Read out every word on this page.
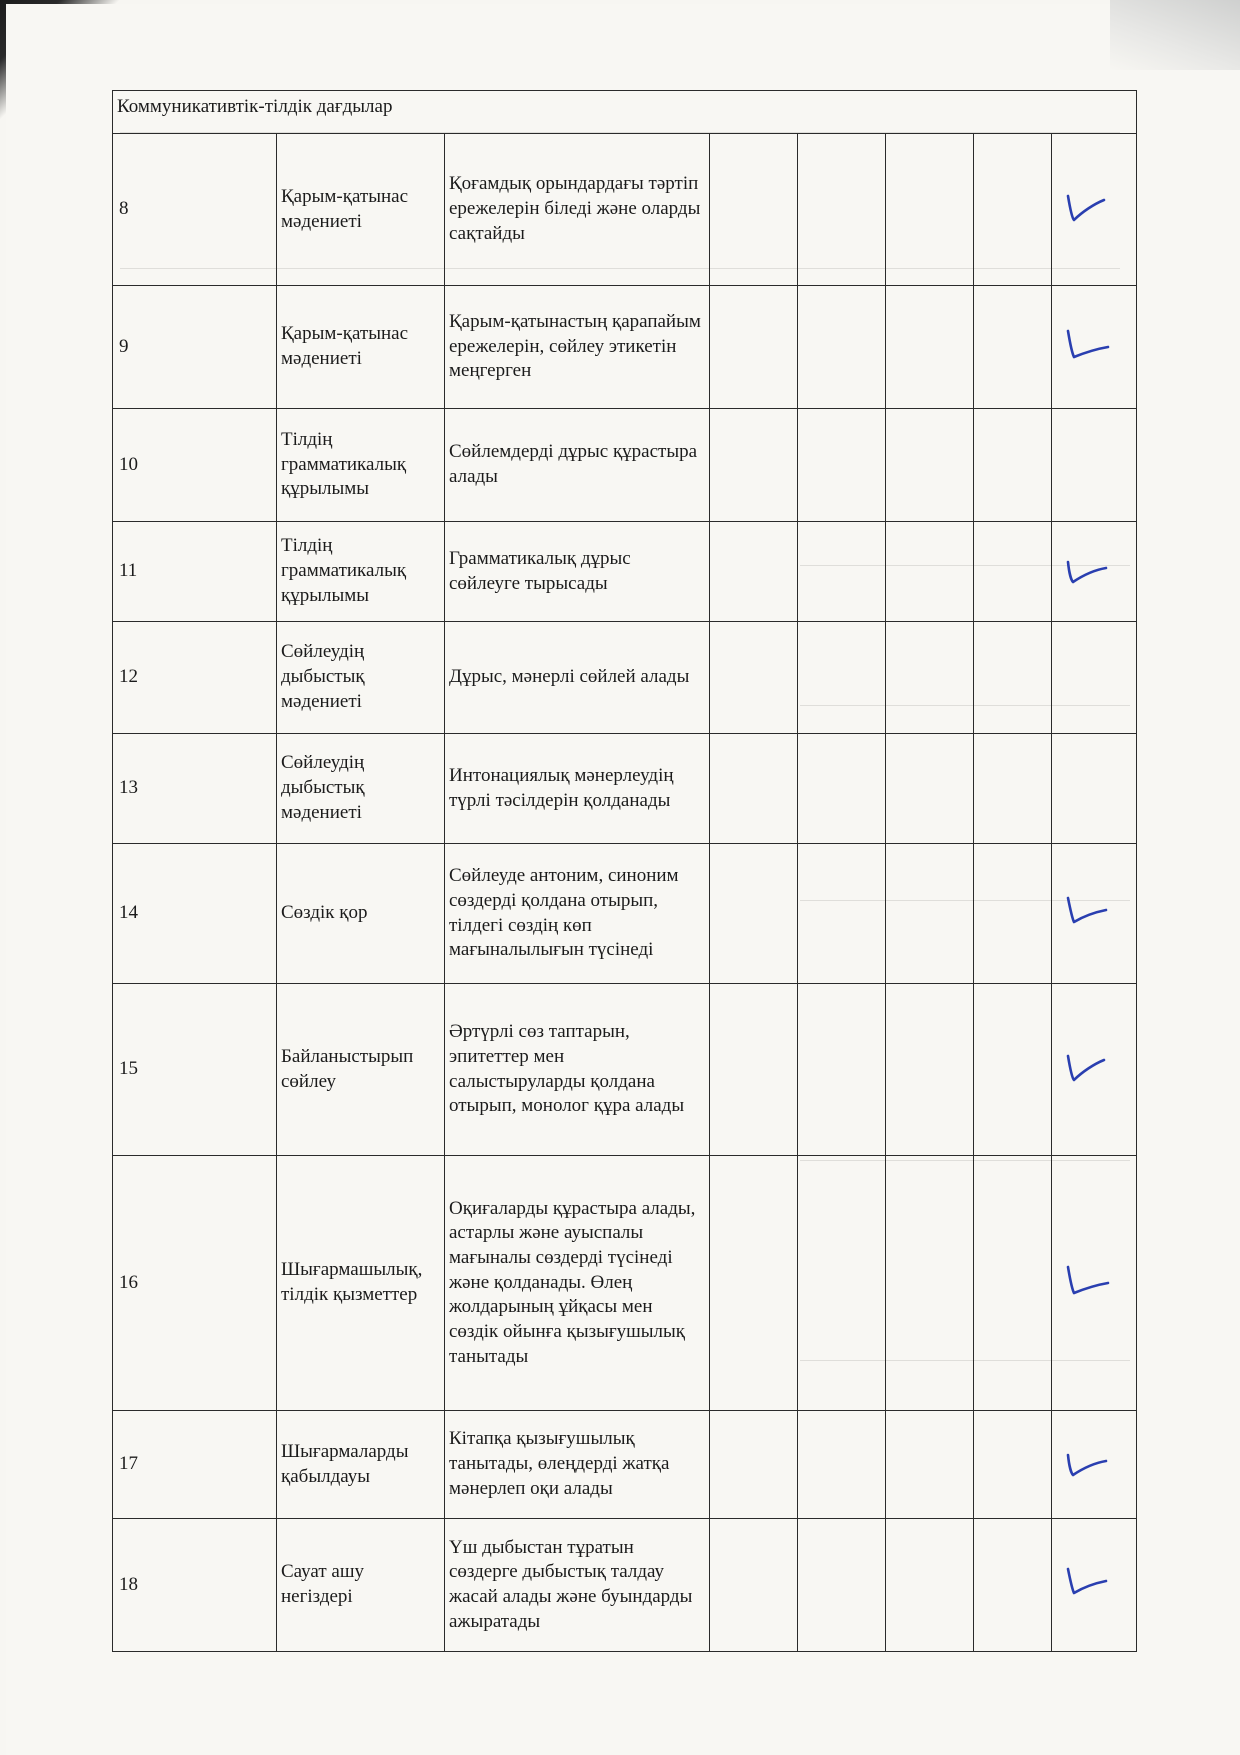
Коммуникативтік-тілдік дағдылар							
8	Қарым-қатынас мәдениеті	Қоғамдық орындардағы тәртіп ережелерін біледі және оларды сақтайды					
9	Қарым-қатынас мәдениеті	Қарым-қатынастың қарапайым ережелерін, сөйлеу этикетін меңгерген					
10	Тілдің грамматикалық құрылымы	Сөйлемдерді дұрыс құрастыра алады					
11	Тілдің грамматикалық құрылымы	Грамматикалық дұрыс сөйлеуге тырысады					
12	Сөйлеудің дыбыстық мәдениеті	Дұрыс, мәнерлі сөйлей алады					
13	Сөйлеудің дыбыстық мәдениеті	Интонациялық мәнерлеудің түрлі тәсілдерін қолданады					
14	Сөздік қор	Сөйлеуде антоним, синоним сөздерді қолдана отырып, тілдегі сөздің көп мағыналылығын түсінеді					
15	Байланыстырып сөйлеу	Әртүрлі сөз таптарын, эпитеттер мен салыстыруларды қолдана отырып, монолог құра алады					
16	Шығармашылық, тілдік қызметтер	Оқиғаларды құрастыра алады, астарлы және ауыспалы мағыналы сөздерді түсінеді және қолданады. Өлең жолдарының ұйқасы мен сөздік ойынға қызығушылық танытады					
17	Шығармаларды қабылдауы	Кітапқа қызығушылық танытады, өлеңдерді жатқа мәнерлеп оқи алады					
18	Сауат ашу негіздері	Үш дыбыстан тұратын сөздерге дыбыстық талдау жасай алады және буындарды ажыратады					
